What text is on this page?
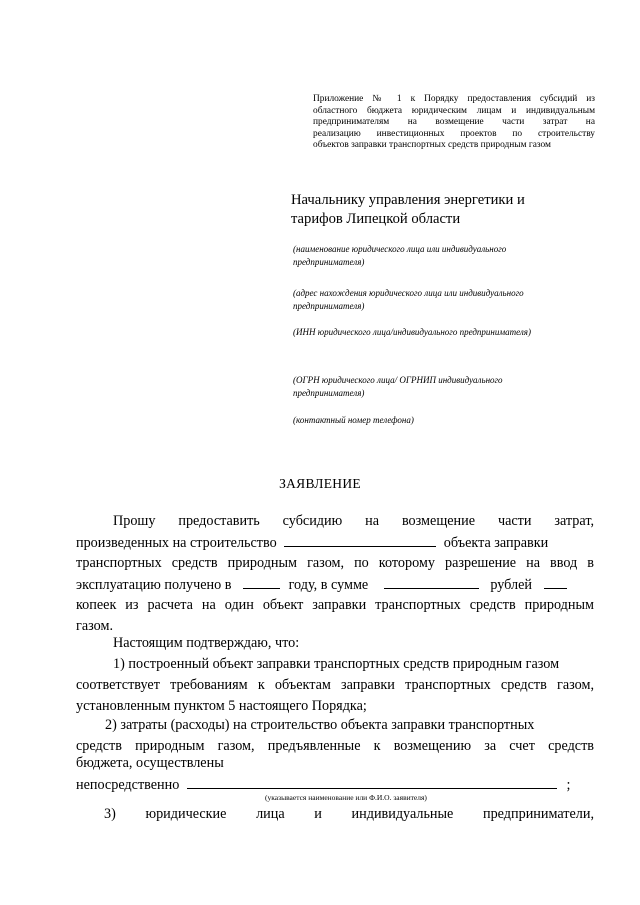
Приложение № 1 к Порядку предоставления субсидий из
областного бюджета юридическим лицам и индивидуальным
предпринимателям на возмещение части затрат на
реализацию инвестиционных проектов по строительству
объектов заправки транспортных средств природным газом
Начальнику управления энергетики и
тарифов Липецкой области
(наименование юридического лица или индивидуального
предпринимателя)
(адрес нахождения юридического лица или индивидуального
предпринимателя)
(ИНН юридического лица/индивидуального предпринимателя)
(ОГРН юридического лица/ ОГРНИП индивидуального
предпринимателя)
(контактный номер телефона)
ЗАЯВЛЕНИЕ
Прошу предоставить субсидию на возмещение части затрат,
произведенных на строительство	объекта заправки
транспортных средств природным газом, по которому разрешение на ввод в
эксплуатацию получено в	году, в сумме	рублей
копеек из расчета на один объект заправки транспортных средств природным
газом.
Настоящим подтверждаю, что:
1) построенный объект заправки транспортных средств природным газом
соответствует требованиям к объектам заправки транспортных средств газом,
установленным пунктом 5 настоящего Порядка;
2) затраты (расходы) на строительство объекта заправки транспортных
средств природным газом, предъявленные к возмещению за счет средств
бюджета, осуществлены
непосредственно	;
(указывается наименование или Ф.И.О. заявителя)
3) юридические лица и индивидуальные предприниматели,
